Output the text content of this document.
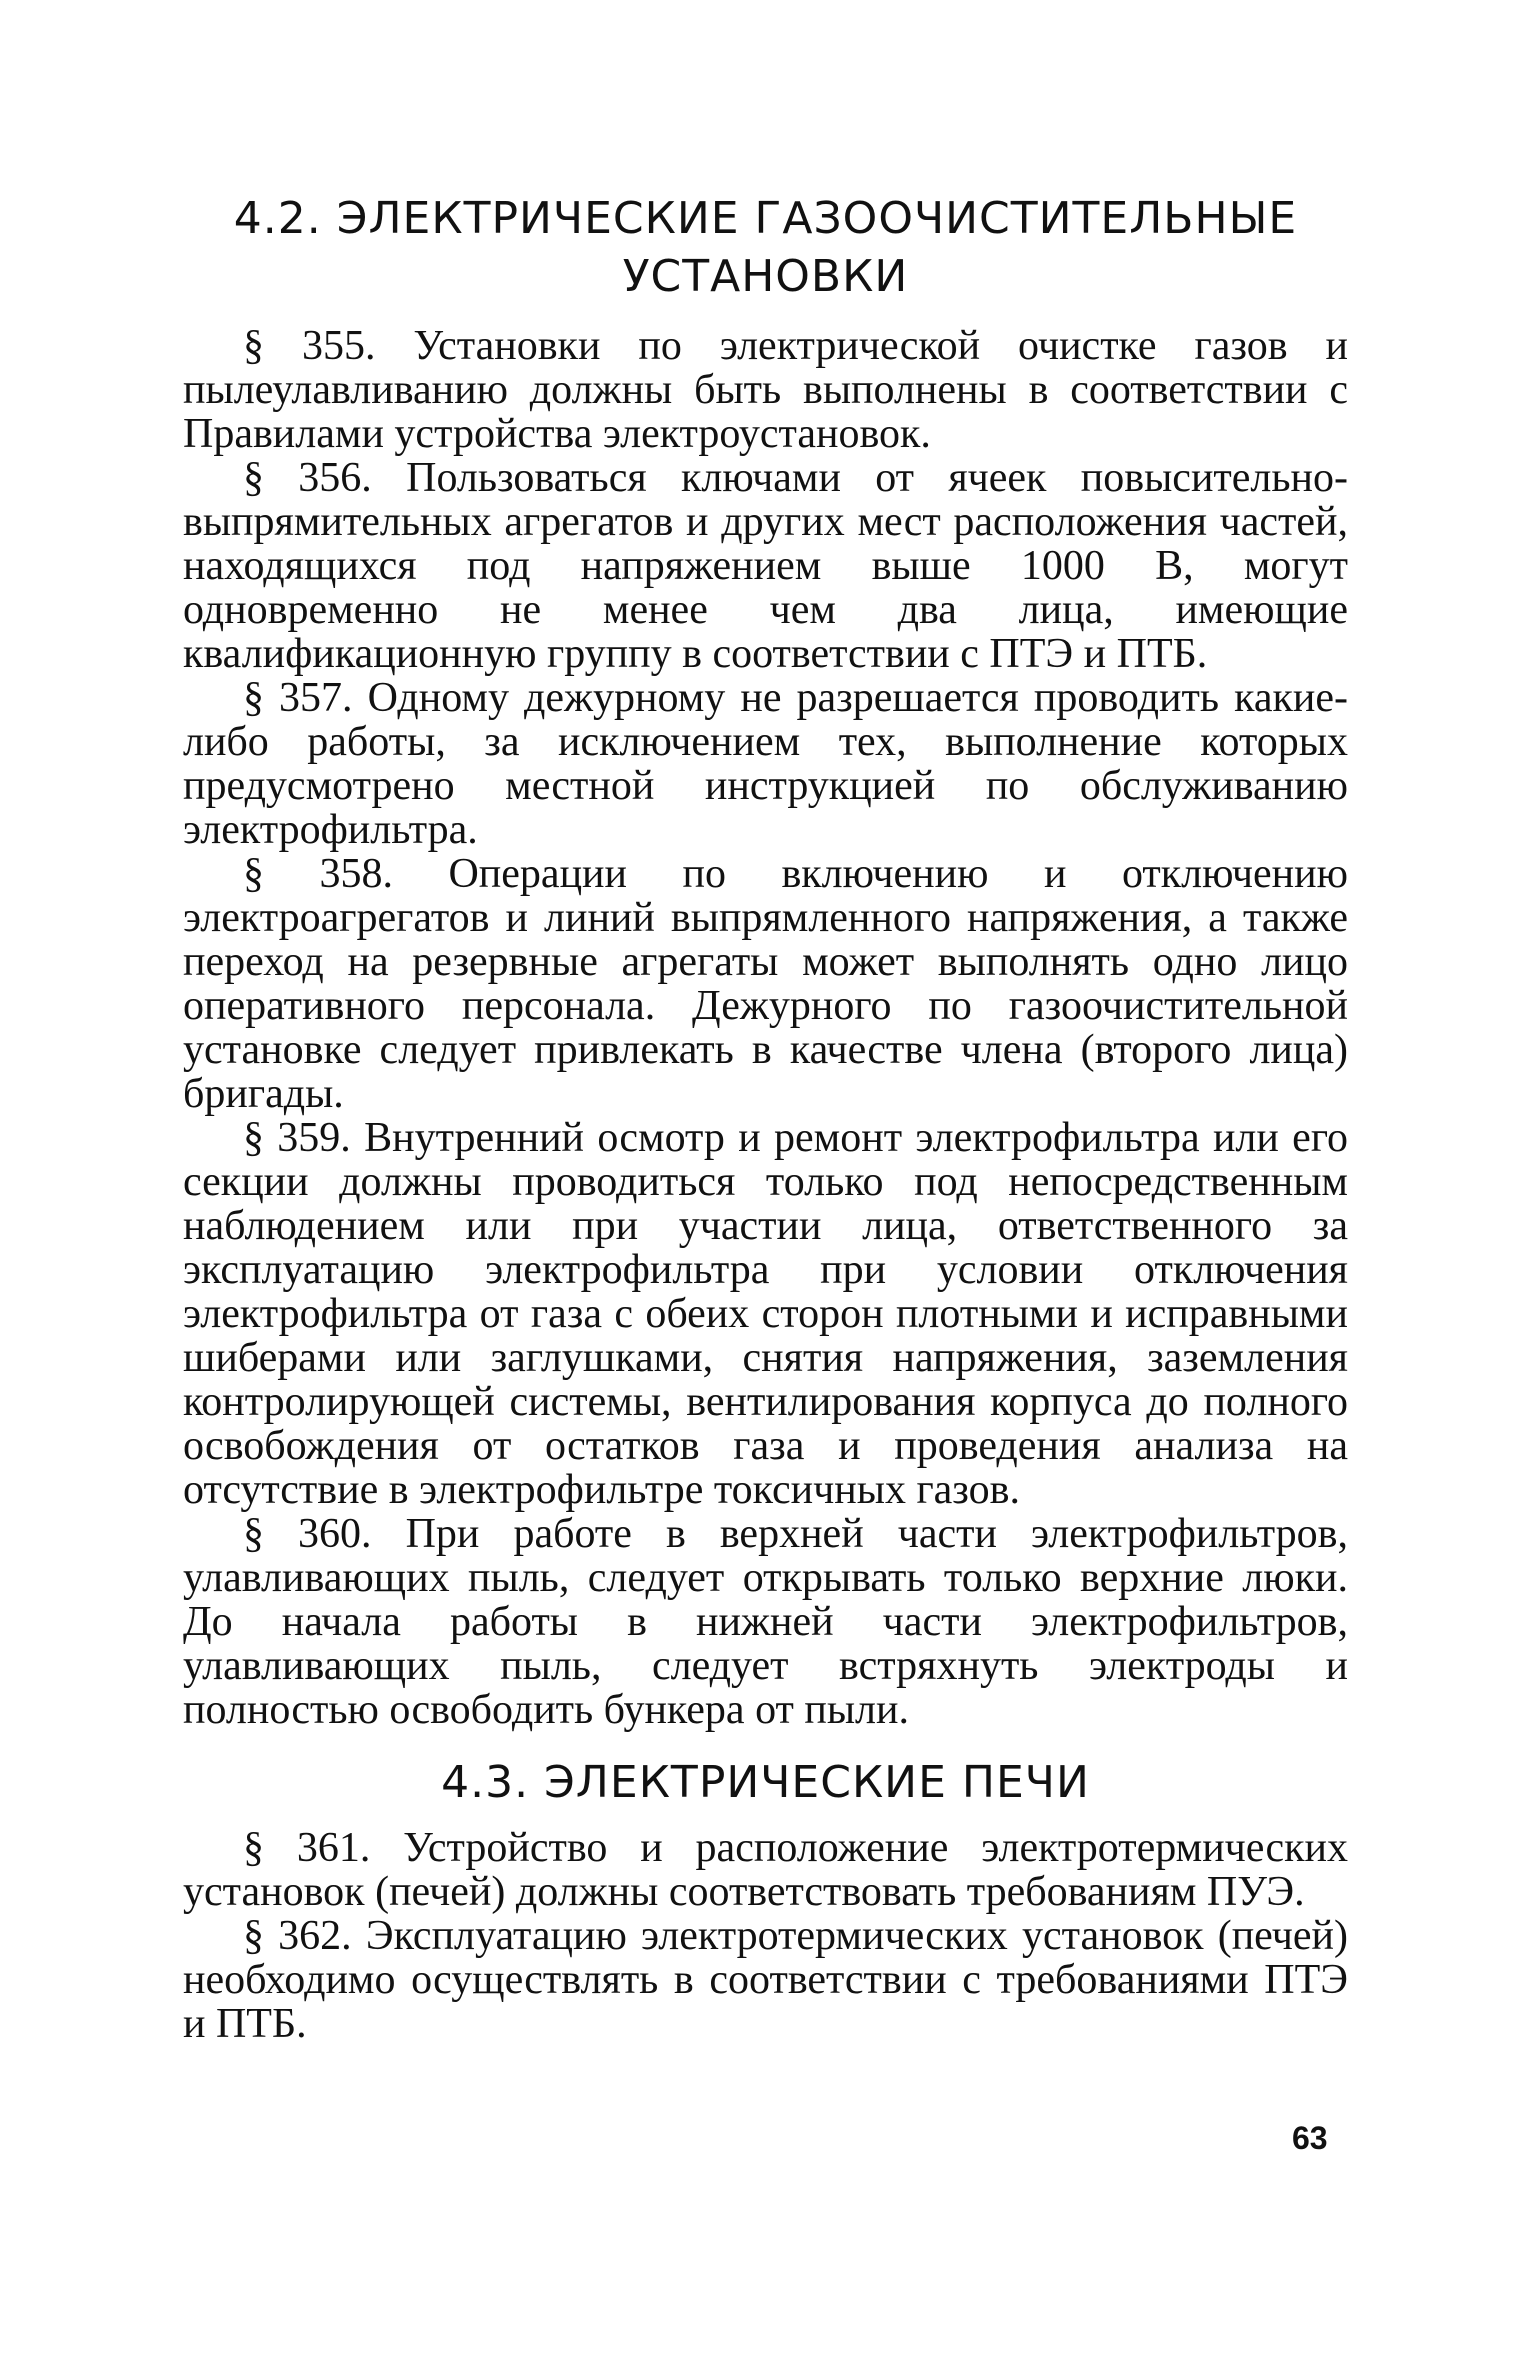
4.2. ЭЛЕКТРИЧЕСКИЕ ГАЗООЧИСТИТЕЛЬНЫЕ
УСТАНОВКИ

§ 355. Установки по электрической очистке газов и пылеулавливанию должны быть выполнены в соответствии с Правилами устройства электроустановок.

§ 356. Пользоваться ключами от ячеек повысительно-выпрямительных агрегатов и других мест расположения частей, находящихся под напряжением выше 1000 В, могут одновременно не менее чем два лица, имеющие квалификационную группу в соответствии с ПТЭ и ПТБ.

§ 357. Одному дежурному не разрешается проводить какие-либо работы, за исключением тех, выполнение которых предусмотрено местной инструкцией по обслуживанию электрофильтра.

§ 358. Операции по включению и отключению электроагрегатов и линий выпрямленного напряжения, а также переход на резервные агрегаты может выполнять одно лицо оперативного персонала. Дежурного по газоочистительной установке следует привлекать в качестве члена (второго лица) бригады.

§ 359. Внутренний осмотр и ремонт электрофильтра или его секции должны проводиться только под непосредственным наблюдением или при участии лица, ответственного за эксплуатацию электрофильтра при условии отключения электрофильтра от газа с обеих сторон плотными и исправными шиберами или заглушками, снятия напряжения, заземления контролирующей системы, вентилирования корпуса до полного освобождения от остатков газа и проведения анализа на отсутствие в электрофильтре токсичных газов.

§ 360. При работе в верхней части электрофильтров, улавливающих пыль, следует открывать только верхние люки. До начала работы в нижней части электрофильтров, улавливающих пыль, следует встряхнуть электроды и полностью освободить бункера от пыли.

4.3. ЭЛЕКТРИЧЕСКИЕ ПЕЧИ

§ 361. Устройство и расположение электротермических установок (печей) должны соответствовать требованиям ПУЭ.

§ 362. Эксплуатацию электротермических установок (печей) необходимо осуществлять в соответствии с требованиями ПТЭ и ПТБ.

63
